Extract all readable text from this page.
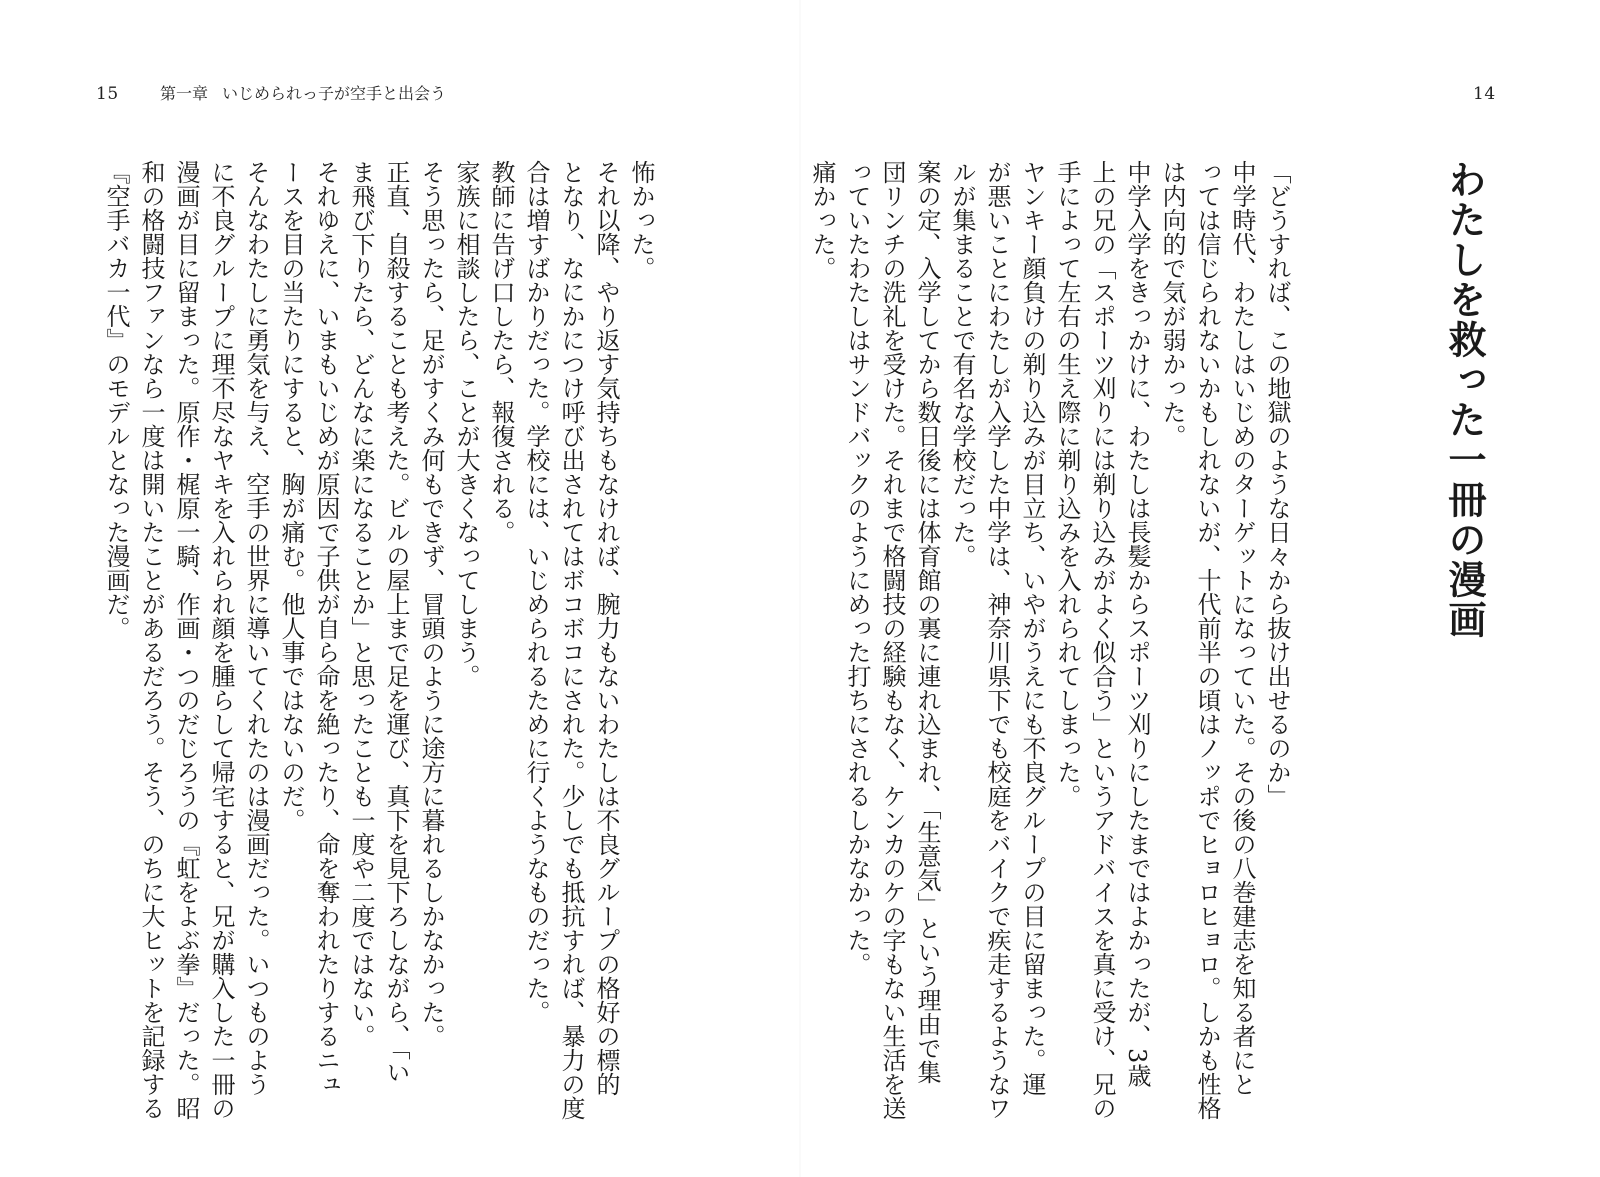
15	第一章 いじめられっ子が空手と出会う	14
わたしを救った一冊の漫画
「どうすれば、この地獄のような日々から抜け出せるのか」
中学時代、わたしはいじめのターゲットになっていた。その後の八巻建志を知る者にと
っては信じられないかもしれないが、十代前半の頃はノッポでヒョロヒョロ。しかも性格
は内向的で気が弱かった。
中学入学をきっかけに、わたしは長髪からスポーツ刈りにしたまではよかったが、3歳
上の兄の「スポーツ刈りには剃り込みがよく似合う」というアドバイスを真に受け、兄の
手によって左右の生え際に剃り込みを入れられてしまった。
ヤンキー顔負けの剃り込みが目立ち、いやがうえにも不良グループの目に留まった。運
が悪いことにわたしが入学した中学は、神奈川県下でも校庭をバイクで疾走するようなワ
ルが集まることで有名な学校だった。
案の定、入学してから数日後には体育館の裏に連れ込まれ、「生意気」という理由で集
団リンチの洗礼を受けた。それまで格闘技の経験もなく、ケンカのケの字もない生活を送
っていたわたしはサンドバックのようにめった打ちにされるしかなかった。
痛かった。
怖かった。
それ以降、やり返す気持ちもなければ、腕力もないわたしは不良グループの格好の標的
となり、なにかにつけ呼び出されてはボコボコにされた。少しでも抵抗すれば、暴力の度
合は増すばかりだった。学校には、いじめられるために行くようなものだった。
教師に告げ口したら、報復される。
家族に相談したら、ことが大きくなってしまう。
そう思ったら、足がすくみ何もできず、冒頭のように途方に暮れるしかなかった。
正直、自殺することも考えた。ビルの屋上まで足を運び、真下を見下ろしながら、「い
ま飛び下りたら、どんなに楽になることか」と思ったことも一度や二度ではない。
それゆえに、いまもいじめが原因で子供が自ら命を絶ったり、命を奪われたりするニュ
ースを目の当たりにすると、胸が痛む。他人事ではないのだ。
そんなわたしに勇気を与え、空手の世界に導いてくれたのは漫画だった。いつものよう
に不良グループに理不尽なヤキを入れられ顔を腫らして帰宅すると、兄が購入した一冊の
漫画が目に留まった。原作・梶原一騎、作画・つのだじろうの『虹をよぶ拳』だった。昭
和の格闘技ファンなら一度は開いたことがあるだろう。そう、のちに大ヒットを記録する
『空手バカ一代』のモデルとなった漫画だ。
